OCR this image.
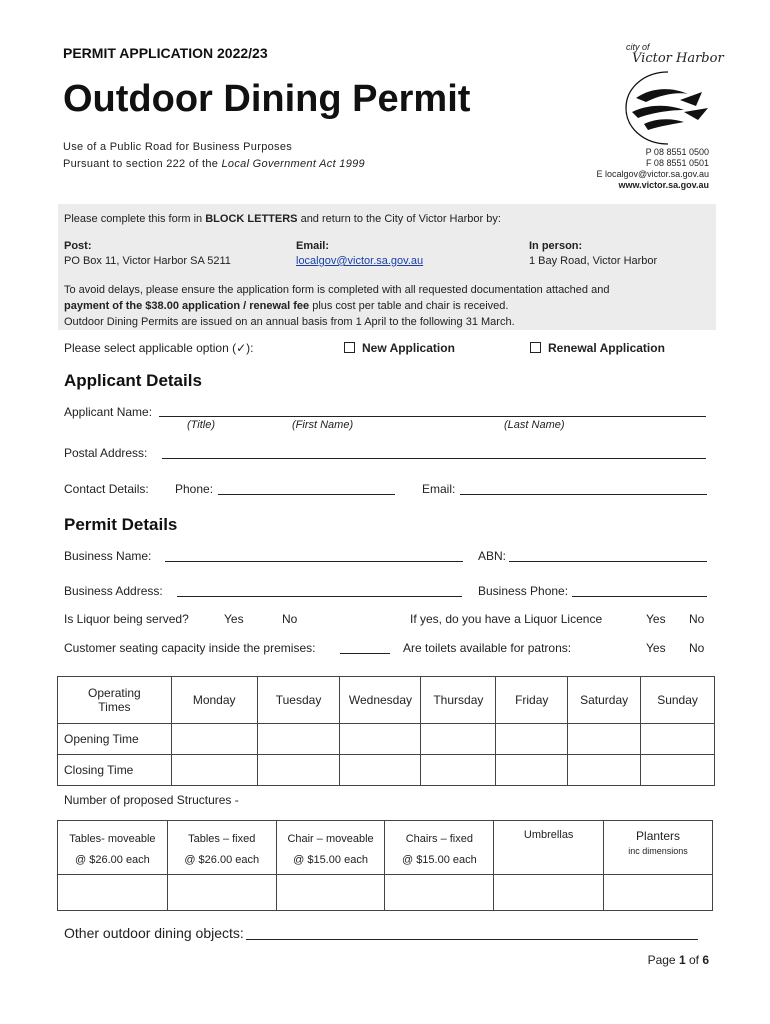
PERMIT APPLICATION 2022/23
Outdoor Dining Permit
Use of a Public Road for Business Purposes
Pursuant to section 222 of the Local Government Act 1999
city of
Victor Harbor
P 08 8551 0500
F 08 8551 0501
E localgov@victor.sa.gov.au
www.victor.sa.gov.au
Please complete this form in BLOCK LETTERS and return to the City of Victor Harbor by:
Post:
PO Box 11, Victor Harbor SA 5211
Email:
localgov@victor.sa.gov.au
In person:
1 Bay Road, Victor Harbor
To avoid delays, please ensure the application form is completed with all requested documentation attached and
payment of the $38.00 application / renewal fee plus cost per table and chair is received.
Outdoor Dining Permits are issued on an annual basis from 1 April to the following 31 March.
Please select applicable option (✓):	New Application	Renewal Application
Applicant Details
Applicant Name:
(Title)	(First Name)	(Last Name)
Postal Address:
Contact Details: Phone:	Email:
Permit Details
Business Name:	ABN:
Business Address:	Business Phone:
Is Liquor being served?	Yes	No	If yes, do you have a Liquor Licence	Yes No
Customer seating capacity inside the premises:	Are toilets available for patrons:	Yes No
Operating
Times	Monday	Tuesday	Wednesday	Thursday	Friday	Saturday	Sunday
Opening Time							
Closing Time							
Number of proposed Structures -
Tables- moveable
@ $26.00 each	Tables – fixed
@ $26.00 each	Chair – moveable
@ $15.00 each	Chairs – fixed
@ $15.00 each	Umbrellas	Planters
inc dimensions

Other outdoor dining objects:
Page 1 of 6
